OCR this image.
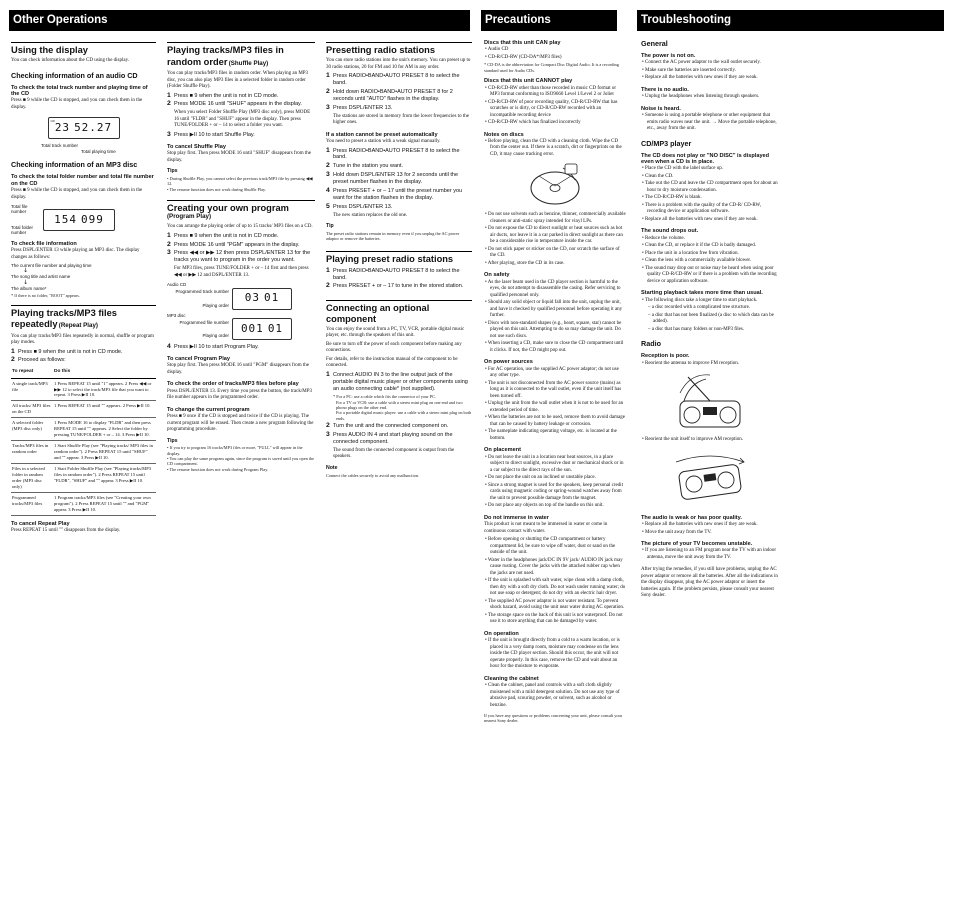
Other Operations	Precautions	Troubleshooting
Using the display
You can check information about the CD using the display.
Checking information of an audio CD
To check the total track number and playing time of the CD
Press ■ 9 while the CD is stopped, and you can check them in the display.
CD 23 52.27
Total track number
Total playing time
Checking information of an MP3 disc
To check the total folder number and total file number on the CD
Press ■ 9 while the CD is stopped, and you can check them in the display.
Total file number
Total folder number
154 099
To check file information
Press DSPL/ENTER 13 while playing an MP3 disc. The display changes as follows:
The current file number and playing time
↓
The song title and artist name
↓
The album name*
* If there is no folder, "ROOT" appears.
Playing tracks/MP3 files repeatedly (Repeat Play)
You can play tracks/MP3 files repeatedly in normal, shuffle or program play modes.
1 Press ■ 9 when the unit is not in CD mode.
2 Proceed as follows:
To repeat	Do this
A single track/MP3 file	1 Press REPEAT 15 until "1" appears. 2 Press ◀◀ or ▶▶ 12 to select the track/MP3 file that you want to repeat. 3 Press ▶II 10.
All tracks/ MP3 files on the CD	1 Press REPEAT 15 until "" appears. 2 Press ▶II 10.
A selected folder (MP3 disc only)	1 Press MODE 16 to display "FLDR" and then press REPEAT 15 until "" appears. 2 Select the folder by pressing TUNE/FOLDER + or – 14. 3 Press ▶II 10.
Tracks/MP3 files in random order	1 Start Shuffle Play (see "Playing tracks/ MP3 files in random order"). 2 Press REPEAT 15 until "SHUF" and "" appear. 3 Press ▶II 10.
Files in a selected folder in random order (MP3 disc only)	1 Start Folder Shuffle Play (see "Playing tracks/MP3 files in random order"). 2 Press REPEAT 15 until "FLDR", "SHUF" and "" appear. 3 Press ▶II 10.
Programmed tracks/MP3 files	1 Program tracks/MP3 files (see "Creating your own program"). 2 Press REPEAT 15 until "" and "PGM" appear. 3 Press ▶II 10.
To cancel Repeat Play
Press REPEAT 15 until "" disappears from the display.
Playing tracks/MP3 files in random order (Shuffle Play)
You can play tracks/MP3 files in random order. When playing an MP3 disc, you can also play MP3 files in a selected folder in random order (Folder Shuffle Play).
1 Press ■ 9 when the unit is not in CD mode.
2 Press MODE 16 until "SHUF" appears in the display.
When you select Folder Shuffle Play (MP3 disc only), press MODE 16 until "FLDR" and "SHUF" appear in the display. Then press TUNE/FOLDER + or – 14 to select a folder you want.
3 Press ▶II 10 to start Shuffle Play.
To cancel Shuffle Play
Stop play first. Then press MODE 16 until "SHUF" disappears from the display.
Tips
• During Shuffle Play, you cannot select the previous track/MP3 file by pressing ◀◀ 12.
• The resume function does not work during Shuffle Play.
Creating your own program
(Program Play)
You can arrange the playing order of up to 15 tracks/ MP3 files on a CD.
1 Press ■ 9 when the unit is not in CD mode.
2 Press MODE 16 until "PGM" appears in the display.
3 Press ◀◀ or ▶▶ 12 then press DSPL/ENTER 13 for the tracks you want to program in the order you want.
For MP3 files, press TUNE/FOLDER + or – 14 first and then press ◀◀ or ▶▶ 12 and DSPL/ENTER 13.
Audio CD
Programmed track number
Playing order
03 01
MP3 disc
Programmed file number
Playing order
001 01
4 Press ▶II 10 to start Program Play.
To cancel Program Play
Stop play first. Then press MODE 16 until "PGM" disappears from the display.
To check the order of tracks/MP3 files before play
Press DSPL/ENTER 13. Every time you press the button, the track/MP3 file number appears in the programmed order.
To change the current program
Press ■ 9 once if the CD is stopped and twice if the CD is playing. The current program will be erased. Then create a new program following the programming procedure.
Tips
• If you try to program 16 tracks/MP3 files or more, "FULL" will appear in the display.
• You can play the same program again, since the program is saved until you open the CD compartment.
• The resume function does not work during Program Play.
Presetting radio stations
You can store radio stations into the unit's memory. You can preset up to 30 radio stations, 20 for FM and 10 for AM in any order.
1 Press RADIO•BAND•AUTO PRESET 8 to select the band.
2 Hold down RADIO•BAND•AUTO PRESET 8 for 2 seconds until "AUTO" flashes in the display.
3 Press DSPL/ENTER 13.
The stations are stored in memory from the lower frequencies to the higher ones.
If a station cannot be preset automatically
You need to preset a station with a weak signal manually.
1 Press RADIO•BAND•AUTO PRESET 8 to select the band.
2 Tune in the station you want.
3 Hold down DSPL/ENTER 13 for 2 seconds until the preset number flashes in the display.
4 Press PRESET + or – 17 until the preset number you want for the station flashes in the display.
5 Press DSPL/ENTER 13.
The new station replaces the old one.
Tip
The preset radio stations remain in memory even if you unplug the AC power adaptor or remove the batteries.
Playing preset radio stations
1 Press RADIO•BAND•AUTO PRESET 8 to select the band.
2 Press PRESET + or – 17 to tune in the stored station.
Connecting an optional component
You can enjoy the sound from a PC, TV, VCR, portable digital music player, etc. through the speakers of this unit.
Be sure to turn off the power of each component before making any connections.
For details, refer to the instruction manual of the component to be connected.
1 Connect AUDIO IN 3 to the line output jack of the portable digital music player or other components using an audio connecting cable* (not supplied).
* For a PC: use a cable which fits the connector of your PC.
For a TV or VCR: use a cable with a stereo mini plug on one end and two phono plugs on the other end.
For a portable digital music player: use a cable with a stereo mini plug on both ends.
2 Turn the unit and the connected component on.
3 Press AUDIO IN 4 and start playing sound on the connected component.
The sound from the connected component is output from the speakers.
Note
Connect the cables securely to avoid any malfunction.
Discs that this unit CAN play
• Audio CD
• CD-R/CD-RW (CD-DA*/MP3 files)
* CD-DA is the abbreviation for Compact Disc Digital Audio. It is a recording standard used for Audio CDs.
Discs that this unit CANNOT play
• CD-R/CD-RW other than those recorded in music CD format or MP3 format conforming to ISO9660 Level 1/Level 2 or Joliet
• CD-R/CD-RW of poor recording quality, CD-R/CD-RW that has scratches or is dirty, or CD-R/CD-RW recorded with an incompatible recording device
• CD-R/CD-RW which has finalized incorrectly
Notes on discs
• Before playing, clean the CD with a cleaning cloth. Wipe the CD from the center out. If there is a scratch, dirt or fingerprints on the CD, it may cause tracking error.
• Do not use solvents such as benzine, thinner, commercially available cleaners or anti-static spray intended for vinyl LPs.
• Do not expose the CD to direct sunlight or heat sources such as hot air ducts, nor leave it in a car parked in direct sunlight as there can be a considerable rise in temperature inside the car.
• Do not stick paper or sticker on the CD, nor scratch the surface of the CD.
• After playing, store the CD in its case.
On safety
• As the laser beam used in the CD player section is harmful to the eyes, do not attempt to disassemble the casing. Refer servicing to qualified personnel only.
• Should any solid object or liquid fall into the unit, unplug the unit, and have it checked by qualified personnel before operating it any further.
• Discs with non-standard shapes (e.g., heart, square, star) cannot be played on this unit. Attempting to do so may damage the unit. Do not use such discs.
• When inserting a CD, make sure to close the CD compartment until it clicks. If not, the CD might pop out.
On power sources
• For AC operation, use the supplied AC power adaptor; do not use any other type.
• The unit is not disconnected from the AC power source (mains) as long as it is connected to the wall outlet, even if the unit itself has been turned off.
• Unplug the unit from the wall outlet when it is not to be used for an extended period of time.
• When the batteries are not to be used, remove them to avoid damage that can be caused by battery leakage or corrosion.
• The nameplate indicating operating voltage, etc. is located at the bottom.
On placement
• Do not leave the unit in a location near heat sources, in a place subject to direct sunlight, excessive dust or mechanical shock or in a car subject to the direct rays of the sun.
• Do not place the unit on an inclined or unstable place.
• Since a strong magnet is used for the speakers, keep personal credit cards using magnetic coding or spring-wound watches away from the unit to prevent possible damage from the magnet.
• Do not place any objects on top of the handle on this unit.
Do not immerse in water
This product is not meant to be immersed in water or come in continuous contact with water.
• Before opening or shutting the CD compartment or battery compartment lid, be sure to wipe off water, dust or sand on the outside of the unit.
• Water in the headphones jack/DC IN 9V jack/ AUDIO IN jack may cause rusting. Cover the jacks with the attached rubber cap when the jacks are not used.
• If the unit is splashed with salt water, wipe clean with a damp cloth, then dry with a soft dry cloth. Do not wash under running water; do not use soap or detergent; do not dry with an electric hair dryer.
• The supplied AC power adaptor is not water resistant. To prevent shock hazard, avoid using the unit near water during AC operation.
• The storage space on the back of this unit is not waterproof. Do not use it to store anything that can be damaged by water.
On operation
• If the unit is brought directly from a cold to a warm location, or is placed in a very damp room, moisture may condense on the lens inside the CD player section. Should this occur, the unit will not operate properly. In this case, remove the CD and wait about an hour for the moisture to evaporate.
Cleaning the cabinet
• Clean the cabinet, panel and controls with a soft cloth slightly moistened with a mild detergent solution. Do not use any type of abrasive pad, scouring powder, or solvent, such as alcohol or benzine.
If you have any questions or problems concerning your unit, please consult your nearest Sony dealer.
General
The power is not on.
• Connect the AC power adaptor to the wall outlet securely.
• Make sure the batteries are inserted correctly.
• Replace all the batteries with new ones if they are weak.
There is no audio.
• Unplug the headphones when listening through speakers.
Noise is heard.
• Someone is using a portable telephone or other equipment that emits radio waves near the unit. → Move the portable telephone, etc., away from the unit.
CD/MP3 player
The CD does not play or "NO DISC" is displayed even when a CD is in place.
• Place the CD with the label surface up.
• Clean the CD.
• Take out the CD and leave the CD compartment open for about an hour to dry moisture condensation.
• The CD-R/CD-RW is blank.
• There is a problem with the quality of the CD-R/ CD-RW, recording device or application software.
• Replace all the batteries with new ones if they are weak.
The sound drops out.
• Reduce the volume.
• Clean the CD, or replace it if the CD is badly damaged.
• Place the unit in a location free from vibration.
• Clean the lens with a commercially available blower.
• The sound may drop out or noise may be heard when using poor quality CD-R/CD-RW or if there is a problem with the recording device or application software.
Starting playback takes more time than usual.
• The following discs take a longer time to start playback.
– a disc recorded with a complicated tree structure.
– a disc that has not been finalized (a disc to which data can be added).
– a disc that has many folders or non-MP3 files.
Radio
Reception is poor.
• Reorient the antenna to improve FM reception.
• Reorient the unit itself to improve AM reception.
The audio is weak or has poor quality.
• Replace all the batteries with new ones if they are weak.
• Move the unit away from the TV.
The picture of your TV becomes unstable.
• If you are listening to an FM program near the TV with an indoor antenna, move the unit away from the TV.
After trying the remedies, if you still have problems, unplug the AC power adaptor or remove all the batteries. After all the indications in the display disappear, plug the AC power adaptor or insert the batteries again. If the problem persists, please consult your nearest Sony dealer.
